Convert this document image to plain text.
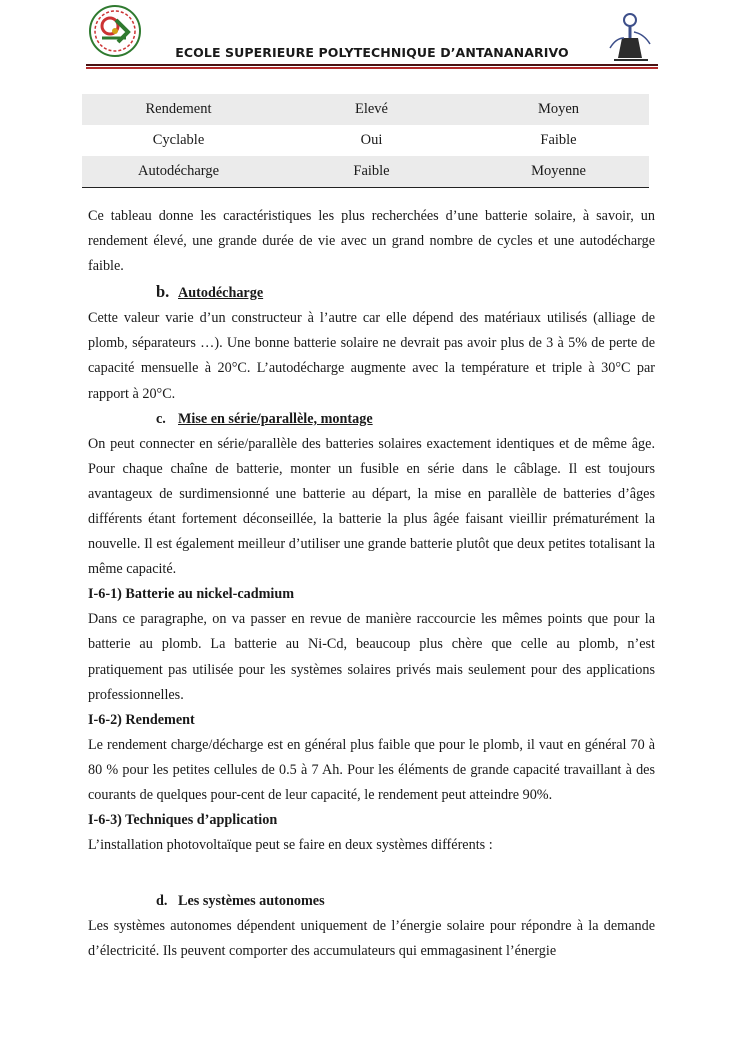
ECOLE SUPERIEURE POLYTECHNIQUE D’ANTANANARIVO
Rendement	Elevé	Moyen
Cyclable	Oui	Faible
Autodécharge	Faible	Moyenne

Ce tableau donne les caractéristiques les plus recherchées d’une batterie solaire, à savoir, un rendement élevé, une grande durée de vie avec un grand nombre de cycles et une autodécharge faible.

b. Autodécharge

Cette valeur varie d’un constructeur à l’autre car elle dépend des matériaux utilisés (alliage de plomb, séparateurs …). Une bonne batterie solaire ne devrait pas avoir plus de 3 à 5% de perte de capacité mensuelle à 20°C. L’autodécharge augmente avec la température et triple à 30°C par rapport à 20°C.

c. Mise en série/parallèle, montage

On peut connecter en série/parallèle des batteries solaires exactement identiques et de même âge. Pour chaque chaîne de batterie, monter un fusible en série dans le câblage. Il est toujours avantageux de surdimensionné une batterie au départ, la mise en parallèle de batteries d’âges différents étant fortement déconseillée, la batterie la plus âgée faisant vieillir prématurément la nouvelle. Il est également meilleur d’utiliser une grande batterie plutôt que deux petites totalisant la même capacité.

I-6-1) Batterie au nickel-cadmium

Dans ce paragraphe, on va passer en revue de manière raccourcie les mêmes points que pour la batterie au plomb. La batterie au Ni-Cd, beaucoup plus chère que celle au plomb, n’est pratiquement pas utilisée pour les systèmes solaires privés mais seulement pour des applications professionnelles.

I-6-2) Rendement

Le rendement charge/décharge est en général plus faible que pour le plomb, il vaut en général 70 à 80 % pour les petites cellules de 0.5 à 7 Ah. Pour les éléments de grande capacité travaillant à des courants de quelques pour-cent de leur capacité, le rendement peut atteindre 90%.

I-6-3) Techniques d’application

L’installation photovoltaïque peut se faire en deux systèmes différents :

d. Les systèmes autonomes

Les systèmes autonomes dépendent uniquement de l’énergie solaire pour répondre à la demande d’électricité. Ils peuvent comporter des accumulateurs qui emmagasinent l’énergie
